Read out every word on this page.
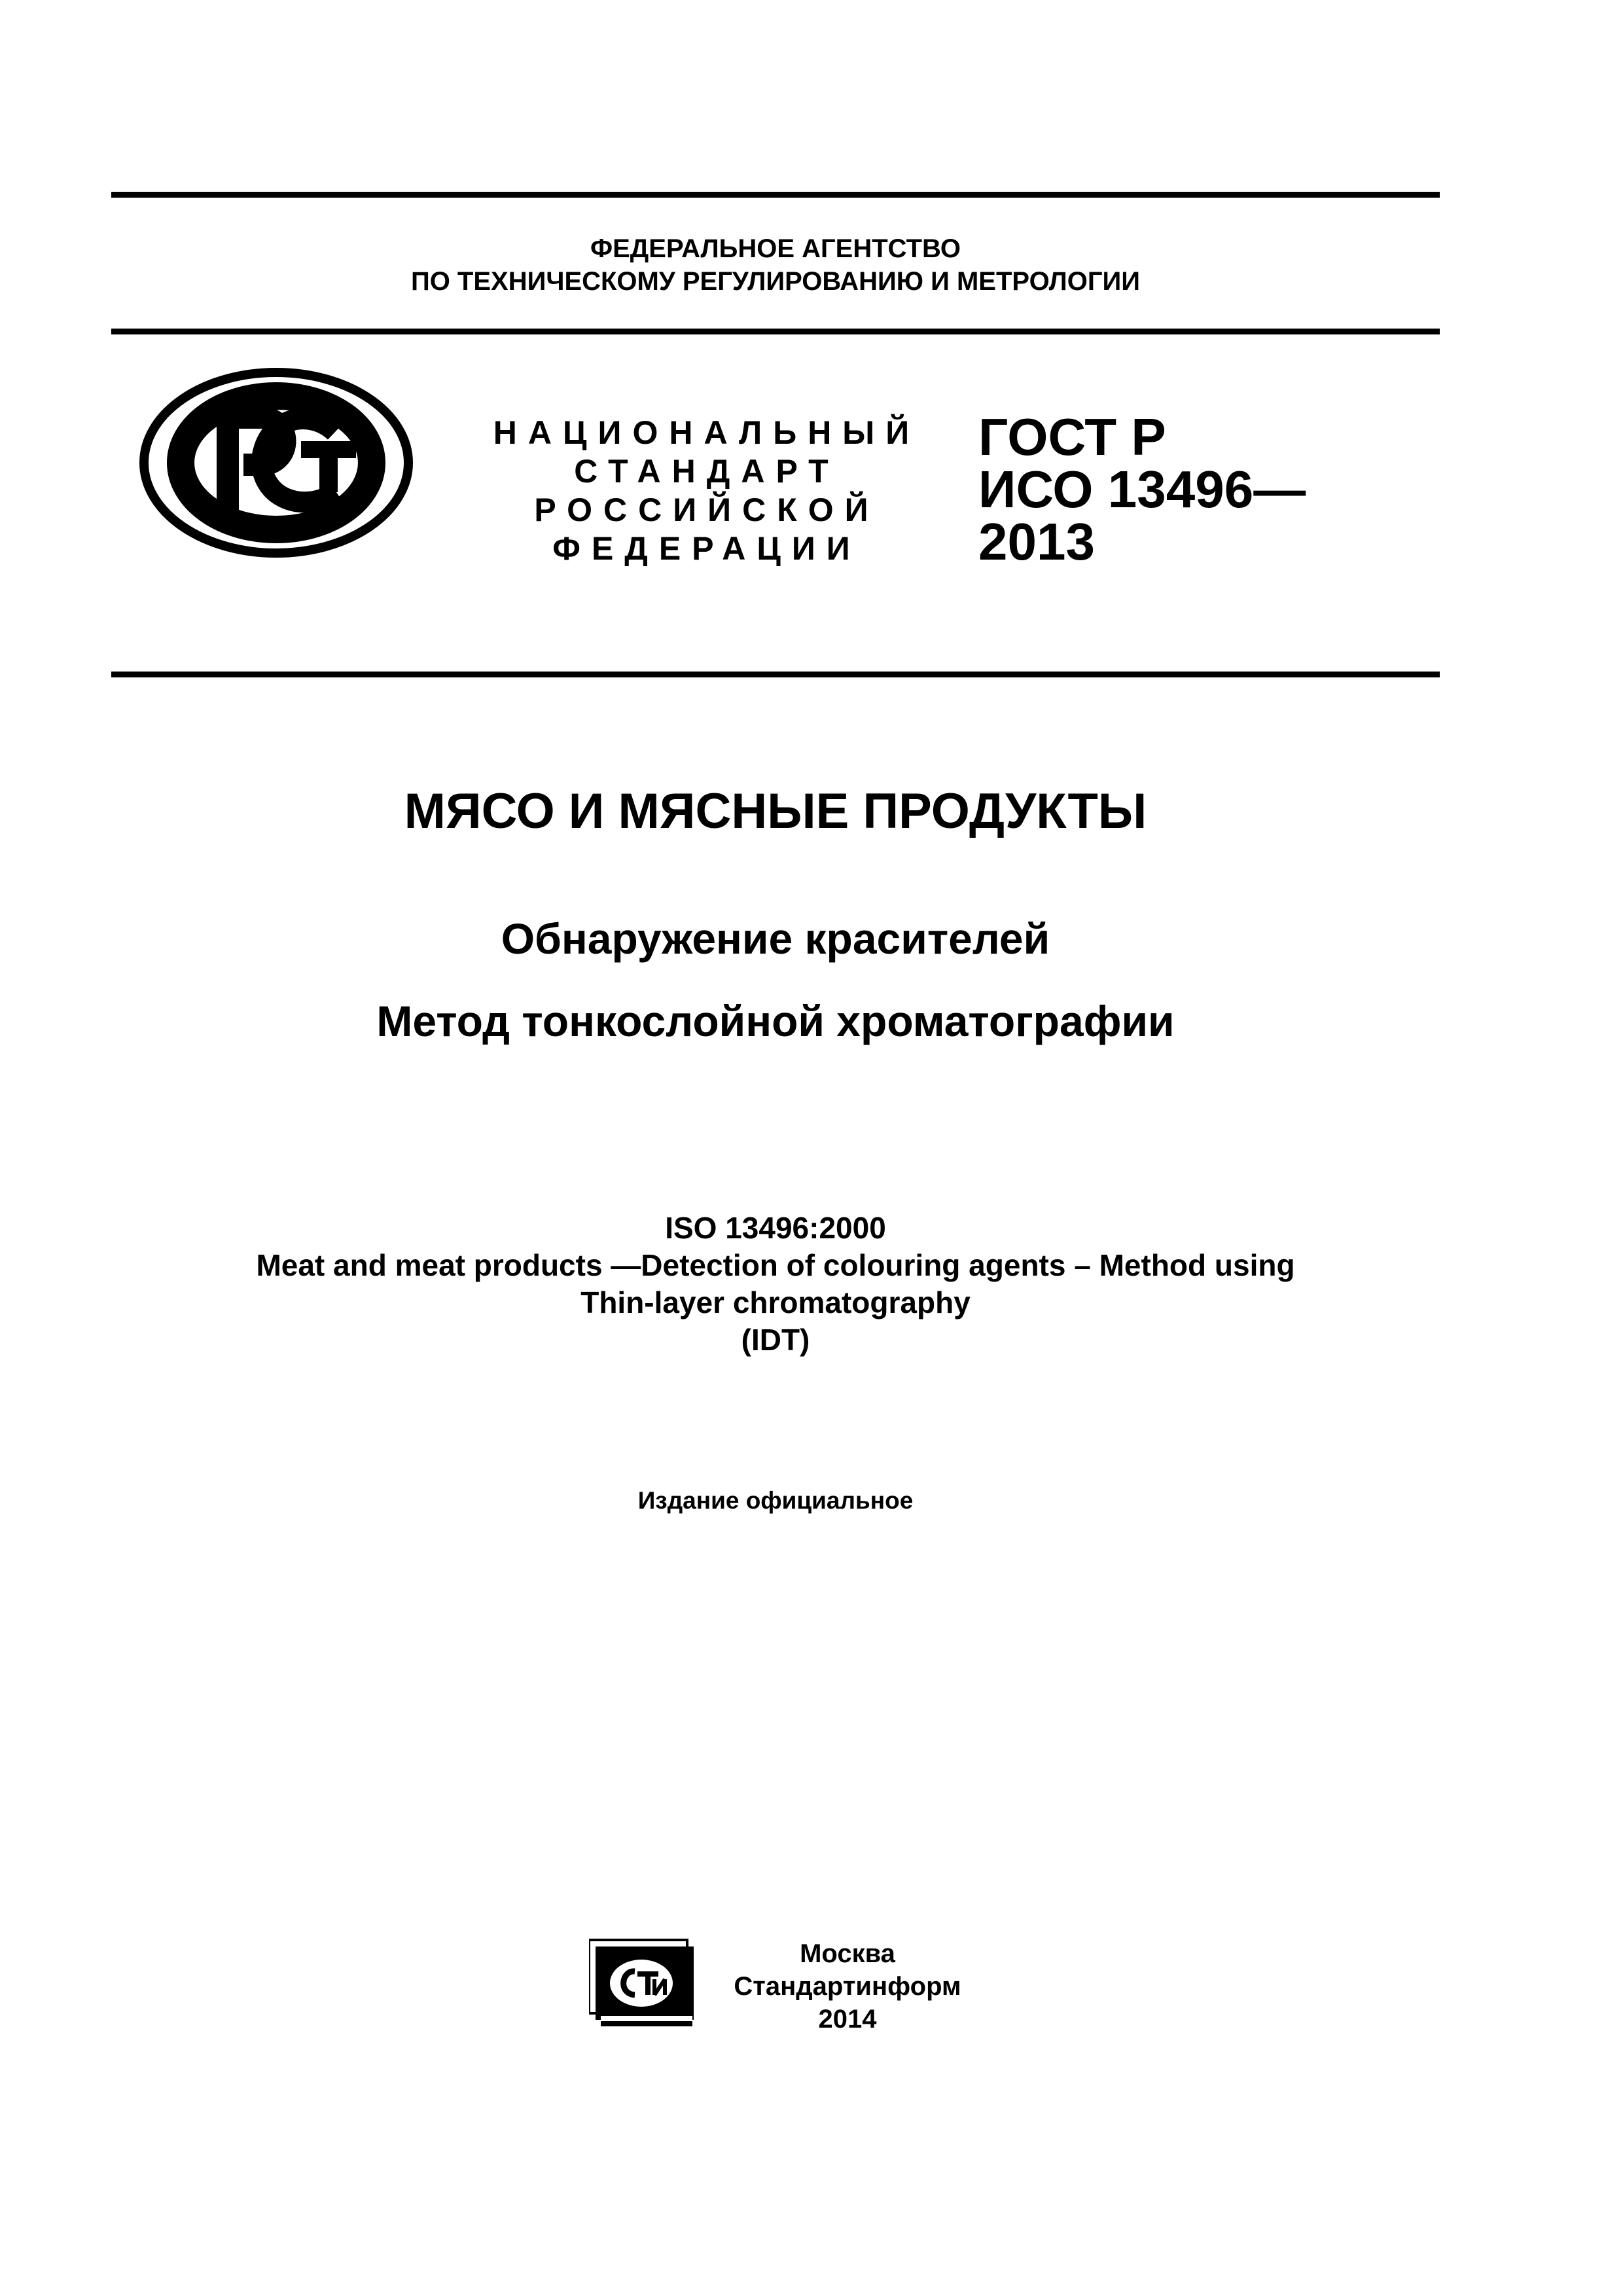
ФЕДЕРАЛЬНОЕ АГЕНТСТВО
ПО ТЕХНИЧЕСКОМУ РЕГУЛИРОВАНИЮ И МЕТРОЛОГИИ
НАЦИОНАЛЬНЫЙ
СТАНДАРТ
РОССИЙСКОЙ
ФЕДЕРАЦИИ
ГОСТ Р
ИСО 13496—
2013
МЯСО И МЯСНЫЕ ПРОДУКТЫ
Обнаружение красителей
Метод тонкослойной хроматографии
ISO 13496:2000
Meat and meat products —Detection of colouring agents – Method using
Thin-layer chromatography
(IDT)
Издание официальное
Москва
Стандартинформ
2014
